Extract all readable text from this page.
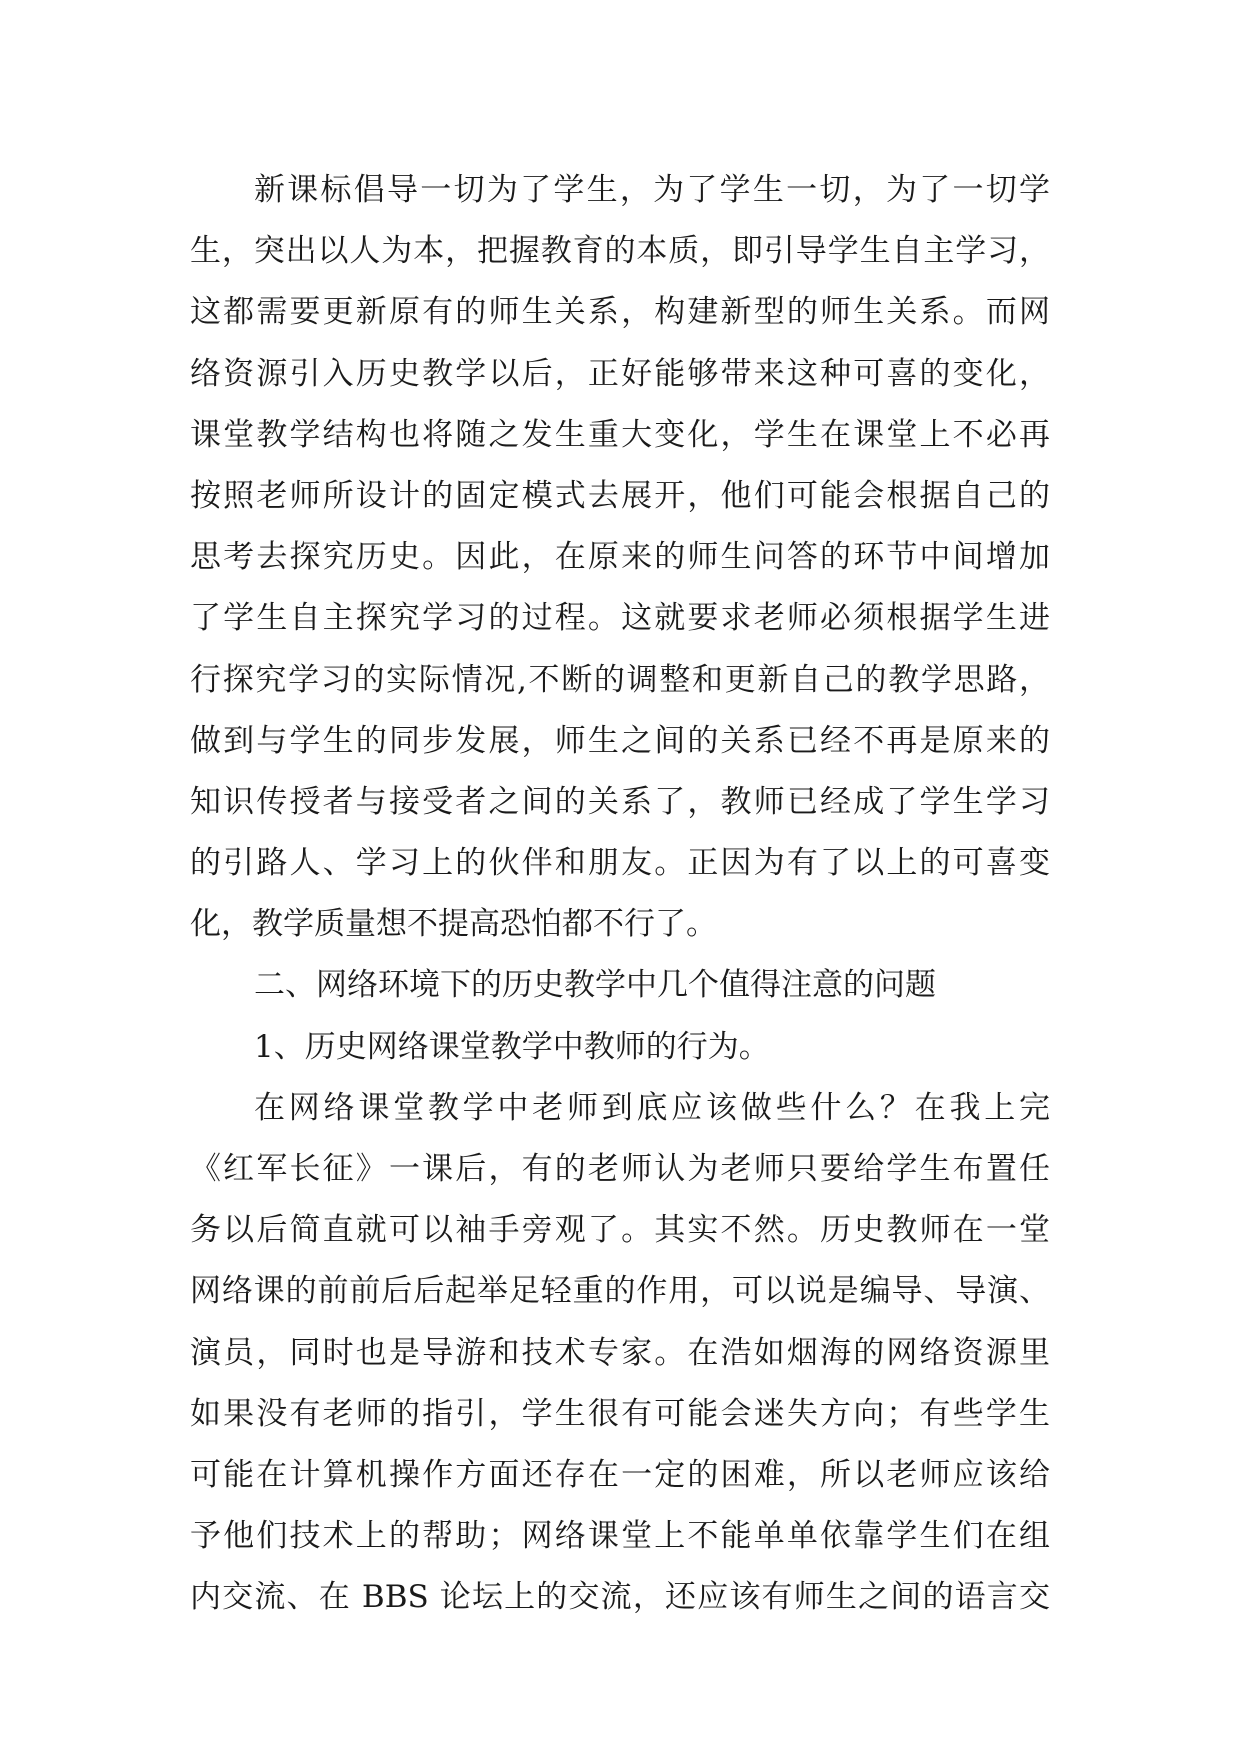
新课标倡导一切为了学生，为了学生一切，为了一切学
生，突出以人为本，把握教育的本质，即引导学生自主学习，
这都需要更新原有的师生关系，构建新型的师生关系。而网
络资源引入历史教学以后，正好能够带来这种可喜的变化，
课堂教学结构也将随之发生重大变化，学生在课堂上不必再
按照老师所设计的固定模式去展开，他们可能会根据自己的
思考去探究历史。因此，在原来的师生问答的环节中间增加
了学生自主探究学习的过程。这就要求老师必须根据学生进
行探究学习的实际情况,不断的调整和更新自己的教学思路，
做到与学生的同步发展，师生之间的关系已经不再是原来的
知识传授者与接受者之间的关系了，教师已经成了学生学习
的引路人、学习上的伙伴和朋友。正因为有了以上的可喜变
化，教学质量想不提高恐怕都不行了。
二、网络环境下的历史教学中几个值得注意的问题
1、历史网络课堂教学中教师的行为。
在网络课堂教学中老师到底应该做些什么？在我上完
《红军长征》一课后，有的老师认为老师只要给学生布置任
务以后简直就可以袖手旁观了。其实不然。历史教师在一堂
网络课的前前后后起举足轻重的作用，可以说是编导、导演、
演员，同时也是导游和技术专家。在浩如烟海的网络资源里
如果没有老师的指引，学生很有可能会迷失方向；有些学生
可能在计算机操作方面还存在一定的困难，所以老师应该给
予他们技术上的帮助；网络课堂上不能单单依靠学生们在组
内交流、在 BBS 论坛上的交流，还应该有师生之间的语言交
